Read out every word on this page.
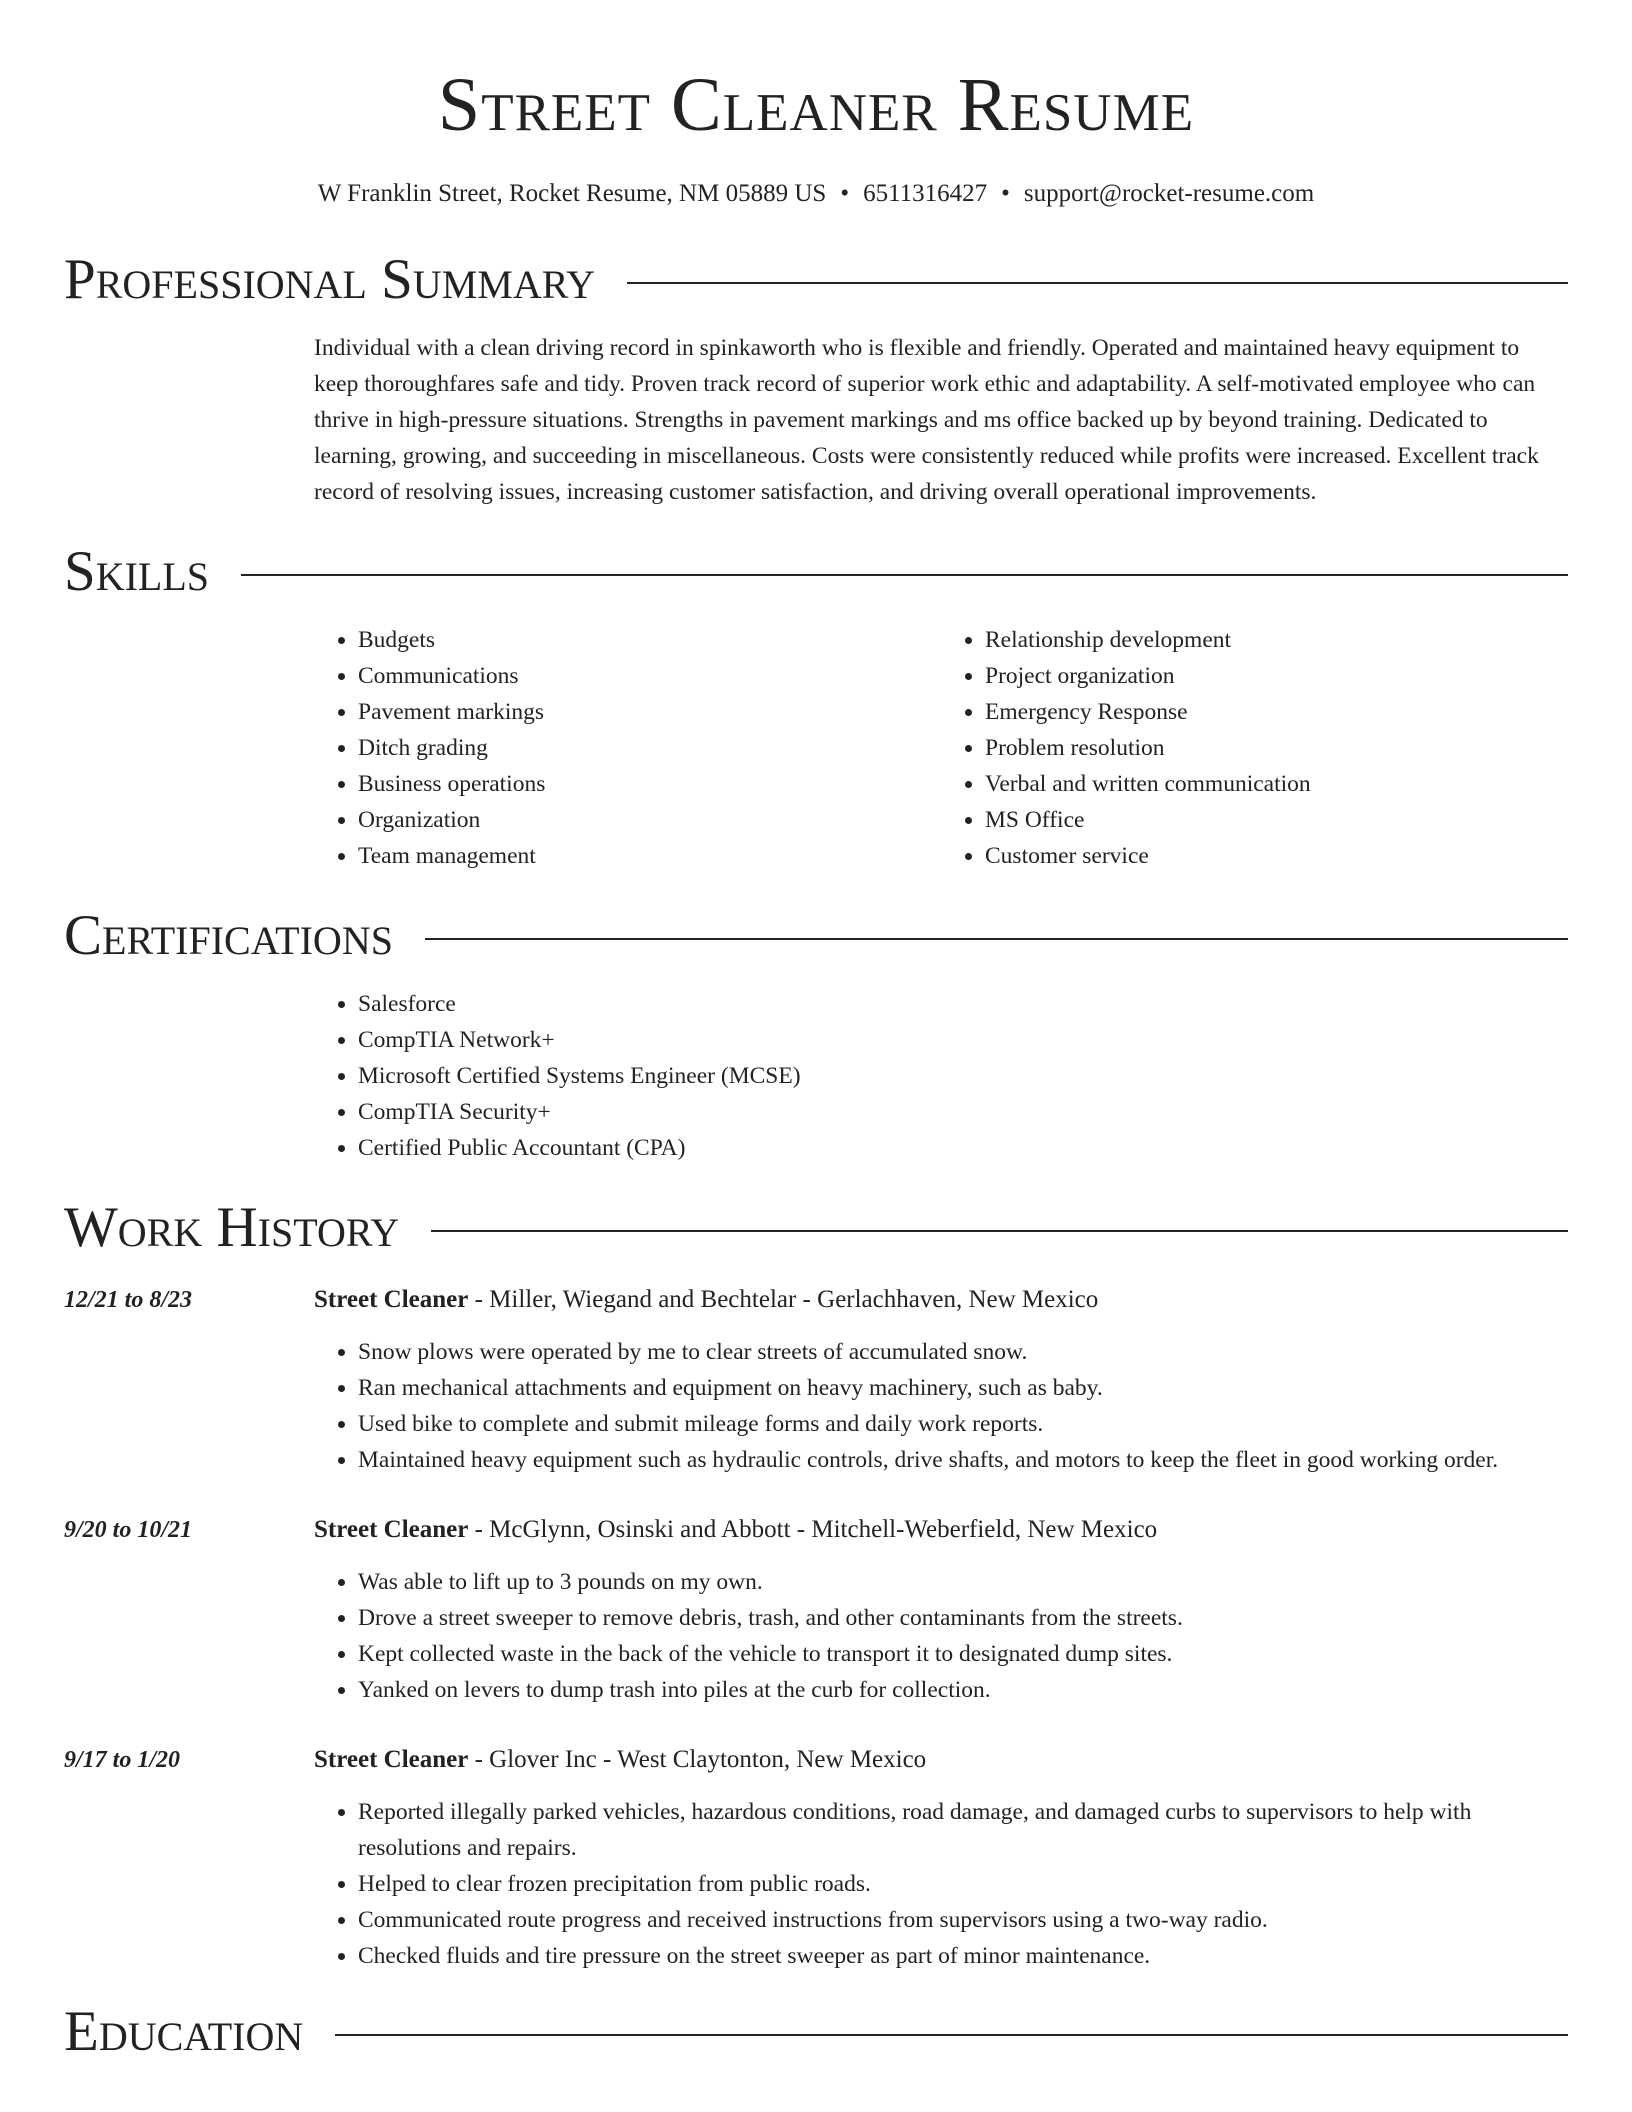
Street Cleaner Resume
W Franklin Street, Rocket Resume, NM 05889 US • 6511316427 • support@rocket-resume.com
Professional Summary

Individual with a clean driving record in spinkaworth who is flexible and friendly. Operated and maintained heavy equipment to keep thoroughfares safe and tidy. Proven track record of superior work ethic and adaptability. A self-motivated employee who can thrive in high-pressure situations. Strengths in pavement markings and ms office backed up by beyond training. Dedicated to learning, growing, and succeeding in miscellaneous. Costs were consistently reduced while profits were increased. Excellent track record of resolving issues, increasing customer satisfaction, and driving overall operational improvements.

Skills
• Budgets
• Communications
• Pavement markings
• Ditch grading
• Business operations
• Organization
• Team management
• Relationship development
• Project organization
• Emergency Response
• Problem resolution
• Verbal and written communication
• MS Office
• Customer service
Certifications
• Salesforce
• CompTIA Network+
• Microsoft Certified Systems Engineer (MCSE)
• CompTIA Security+
• Certified Public Accountant (CPA)
Work History
12/21 to 8/23	Street Cleaner - Miller, Wiegand and Bechtelar - Gerlachhaven, New Mexico
• Snow plows were operated by me to clear streets of accumulated snow.
• Ran mechanical attachments and equipment on heavy machinery, such as baby.
• Used bike to complete and submit mileage forms and daily work reports.
• Maintained heavy equipment such as hydraulic controls, drive shafts, and motors to keep the fleet in good working order.
9/20 to 10/21	Street Cleaner - McGlynn, Osinski and Abbott - Mitchell-Weberfield, New Mexico
• Was able to lift up to 3 pounds on my own.
• Drove a street sweeper to remove debris, trash, and other contaminants from the streets.
• Kept collected waste in the back of the vehicle to transport it to designated dump sites.
• Yanked on levers to dump trash into piles at the curb for collection.
9/17 to 1/20	Street Cleaner - Glover Inc - West Claytonton, New Mexico
• Reported illegally parked vehicles, hazardous conditions, road damage, and damaged curbs to supervisors to help with resolutions and repairs.
• Helped to clear frozen precipitation from public roads.
• Communicated route progress and received instructions from supervisors using a two-way radio.
• Checked fluids and tire pressure on the street sweeper as part of minor maintenance.
Education
